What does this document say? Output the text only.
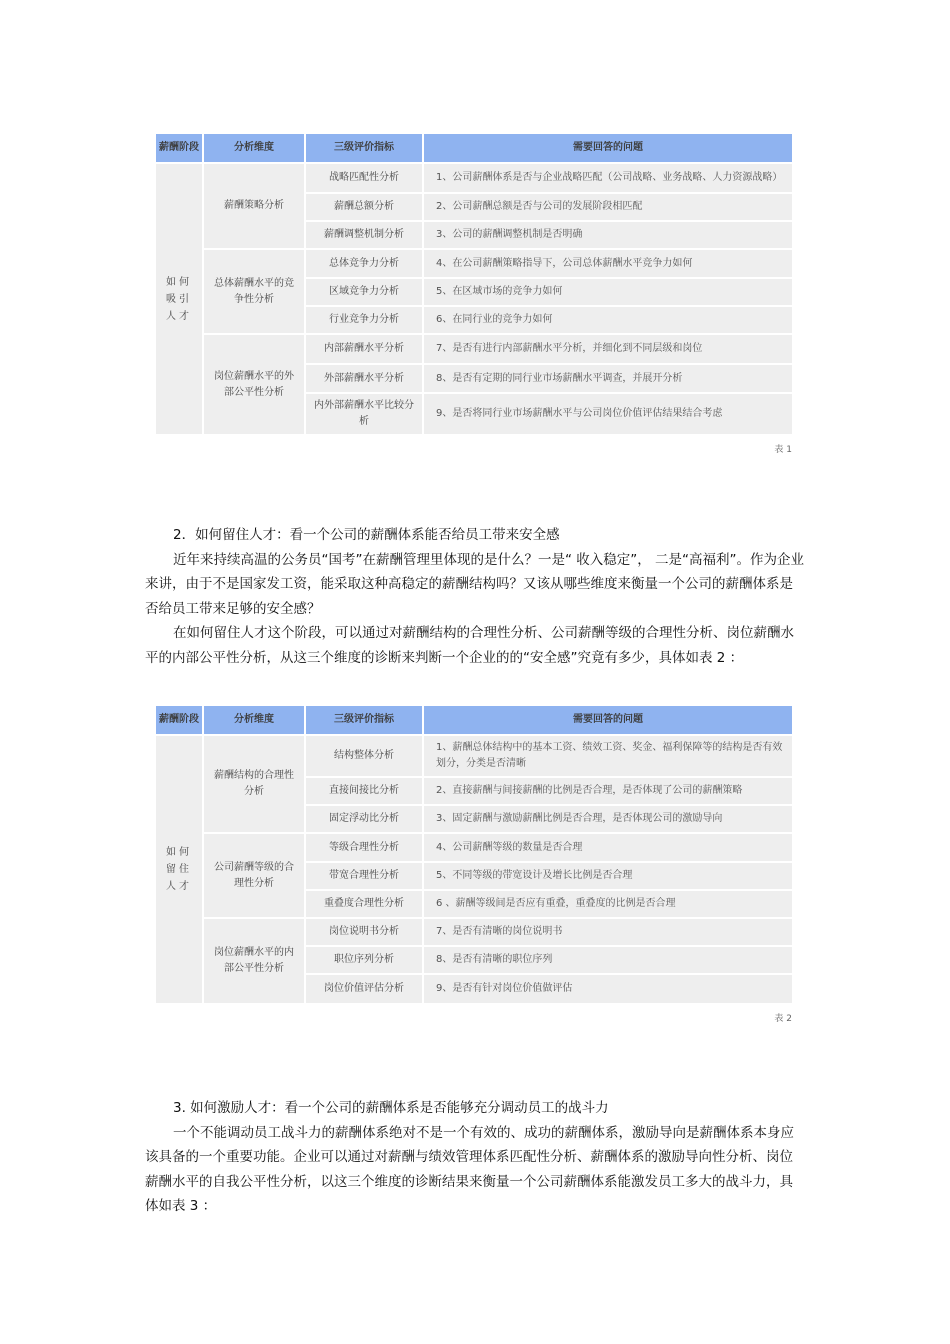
薪酬阶段	分析维度	三级评价指标	需要回答的问题
如何吸引人才	薪酬策略分析	战略匹配性分析	1、公司薪酬体系是否与企业战略匹配（公司战略、业务战略、人力资源战略）
		薪酬总额分析	2、公司薪酬总额是否与公司的发展阶段相匹配
		薪酬调整机制分析	3、公司的薪酬调整机制是否明确
	总体薪酬水平的竞争性分析	总体竞争力分析	4、在公司薪酬策略指导下，公司总体薪酬水平竞争力如何
		区域竞争力分析	5、在区域市场的竞争力如何
		行业竞争力分析	6、在同行业的竞争力如何
	岗位薪酬水平的外部公平性分析	内部薪酬水平分析	7、是否有进行内部薪酬水平分析，并细化到不同层级和岗位
		外部薪酬水平分析	8、是否有定期的同行业市场薪酬水平调查，并展开分析
		内外部薪酬水平比较分析	9、是否将同行业市场薪酬水平与公司岗位价值评估结果结合考虑
表 1

2．如何留住人才：看一个公司的薪酬体系能否给员工带来安全感

近年来持续高温的公务员“国考”在薪酬管理里体现的是什么？一是“ 收入稳定”， 二是“高福利”。作为企业来讲，由于不是国家发工资，能采取这种高稳定的薪酬结构吗？又该从哪些维度来衡量一个公司的薪酬体系是否给员工带来足够的安全感？

在如何留住人才这个阶段，可以通过对薪酬结构的合理性分析、公司薪酬等级的合理性分析、岗位薪酬水平的内部公平性分析，从这三个维度的诊断来判断一个企业的的“安全感”究竟有多少，具体如表 2 ：

薪酬阶段	分析维度	三级评价指标	需要回答的问题
如何留住人才	薪酬结构的合理性分析	结构整体分析	1、薪酬总体结构中的基本工资、绩效工资、奖金、福利保障等的结构是否有效划分，分类是否清晰
		直接间接比分析	2、直接薪酬与间接薪酬的比例是否合理，是否体现了公司的薪酬策略
		固定浮动比分析	3、固定薪酬与激励薪酬比例是否合理，是否体现公司的激励导向
	公司薪酬等级的合理性分析	等级合理性分析	4、公司薪酬等级的数量是否合理
		带宽合理性分析	5、不同等级的带宽设计及增长比例是否合理
		重叠度合理性分析	6 、薪酬等级间是否应有重叠，重叠度的比例是否合理
	岗位薪酬水平的内部公平性分析	岗位说明书分析	7、是否有清晰的岗位说明书
		职位序列分析	8、是否有清晰的职位序列
		岗位价值评估分析	9、是否有针对岗位价值做评估
表 2

3. 如何激励人才：看一个公司的薪酬体系是否能够充分调动员工的战斗力

一个不能调动员工战斗力的薪酬体系绝对不是一个有效的、成功的薪酬体系，激励导向是薪酬体系本身应该具备的一个重要功能。企业可以通过对薪酬与绩效管理体系匹配性分析、薪酬体系的激励导向性分析、岗位薪酬水平的自我公平性分析，以这三个维度的诊断结果来衡量一个公司薪酬体系能激发员工多大的战斗力，具体如表 3 ：
